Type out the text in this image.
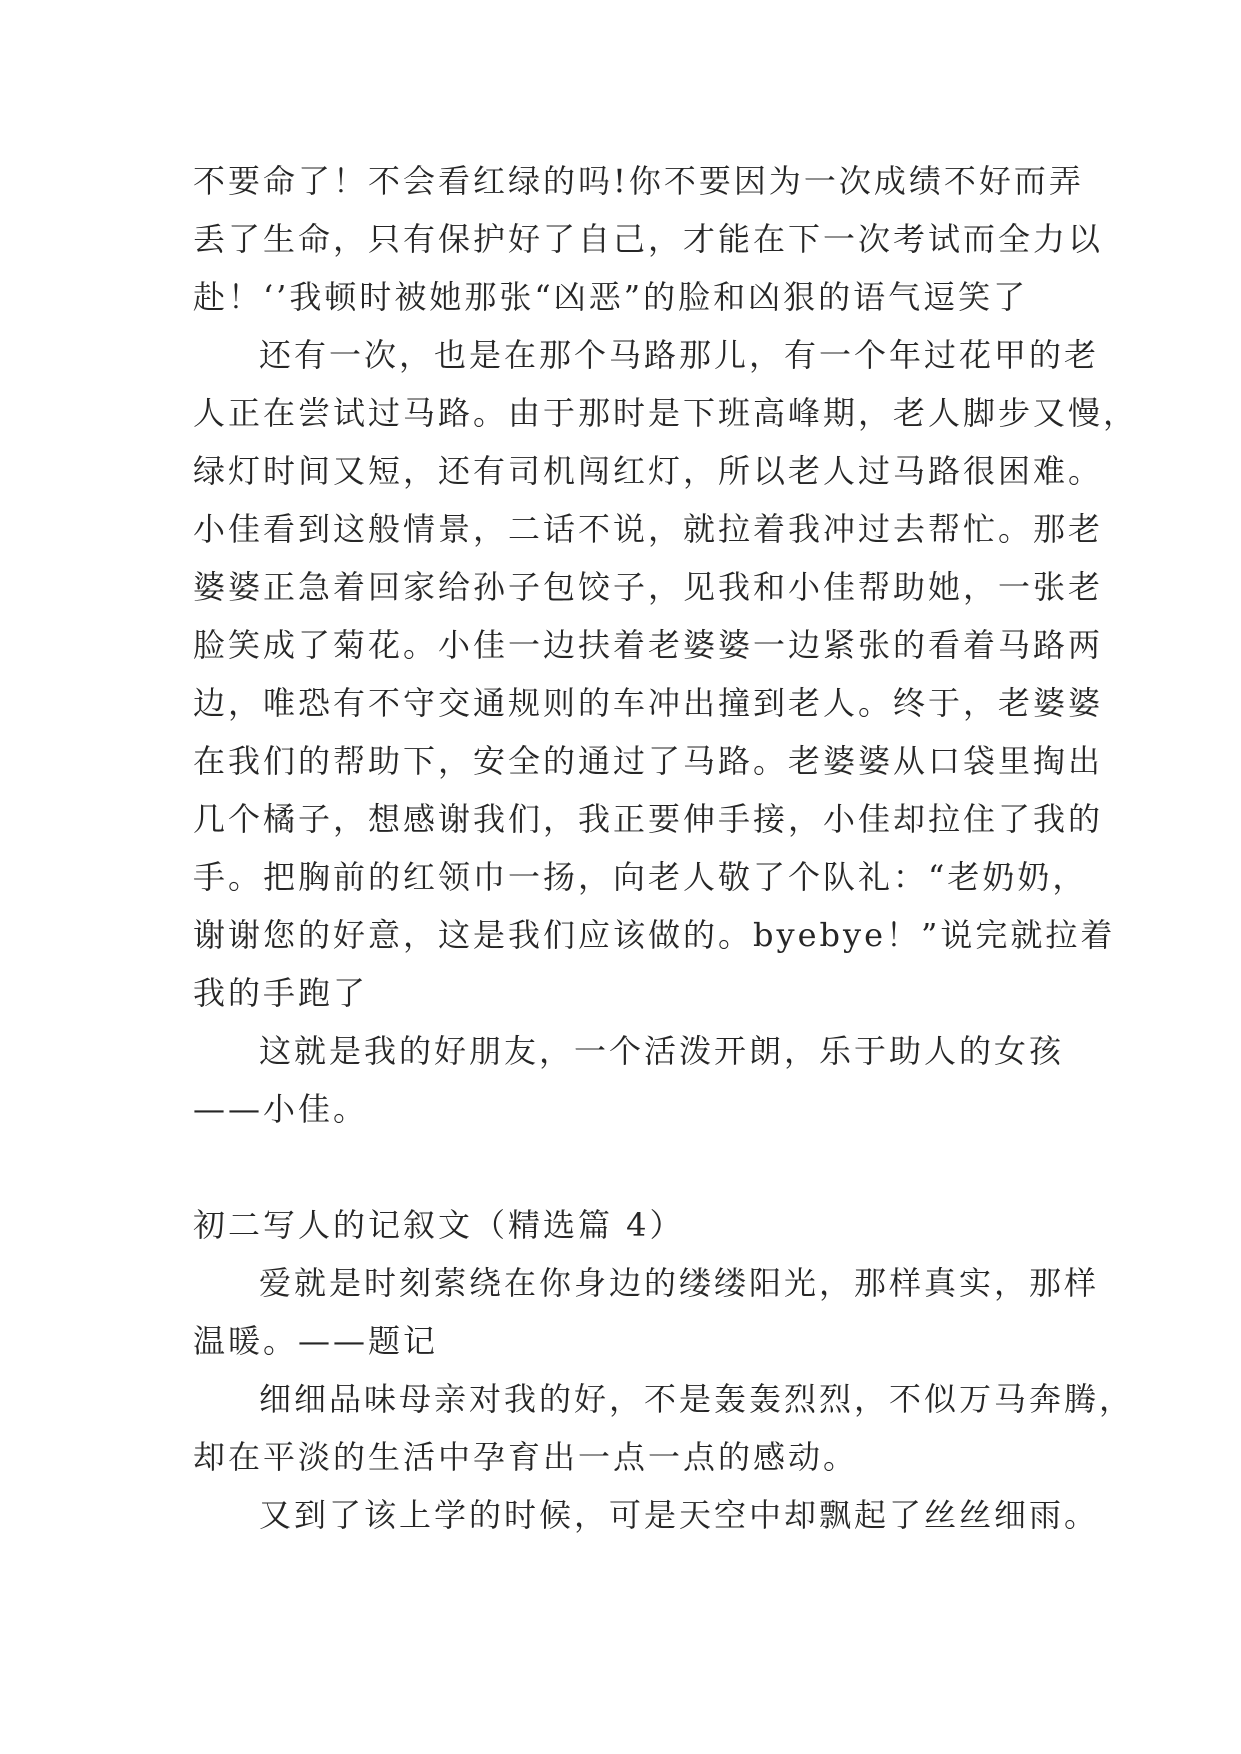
不要命了！不会看红绿的吗!你不要因为一次成绩不好而弄
丢了生命，只有保护好了自己，才能在下一次考试而全力以
赴！‘’我顿时被她那张“凶恶”的脸和凶狠的语气逗笑了
还有一次，也是在那个马路那儿，有一个年过花甲的老
人正在尝试过马路。由于那时是下班高峰期，老人脚步又慢，
绿灯时间又短，还有司机闯红灯，所以老人过马路很困难。
小佳看到这般情景，二话不说，就拉着我冲过去帮忙。那老
婆婆正急着回家给孙子包饺子，见我和小佳帮助她，一张老
脸笑成了菊花。小佳一边扶着老婆婆一边紧张的看着马路两
边，唯恐有不守交通规则的车冲出撞到老人。终于，老婆婆
在我们的帮助下，安全的通过了马路。老婆婆从口袋里掏出
几个橘子，想感谢我们，我正要伸手接，小佳却拉住了我的
手。把胸前的红领巾一扬，向老人敬了个队礼：“老奶奶，
谢谢您的好意，这是我们应该做的。byebye！”说完就拉着
我的手跑了
这就是我的好朋友，一个活泼开朗，乐于助人的女孩
——小佳。
初二写人的记叙文（精选篇 4）
爱就是时刻萦绕在你身边的缕缕阳光，那样真实，那样
温暖。——题记
细细品味母亲对我的好，不是轰轰烈烈，不似万马奔腾，
却在平淡的生活中孕育出一点一点的感动。
又到了该上学的时候，可是天空中却飘起了丝丝细雨。
